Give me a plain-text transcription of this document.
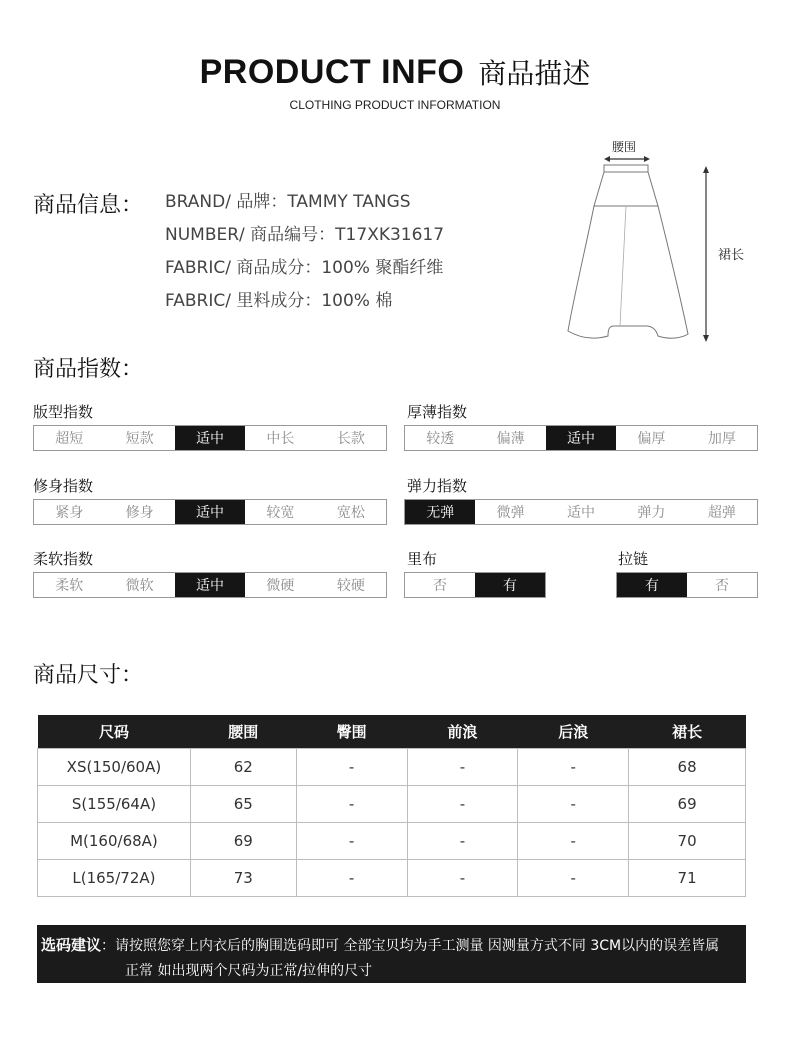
PRODUCT INFO 商品描述
CLOTHING PRODUCT INFORMATION
商品信息： BRAND/ 品牌：TAMMY TANGS
NUMBER/ 商品编号：T17XK31617
FABRIC/ 商品成分：100% 聚酯纤维
FABRIC/ 里料成分：100% 棉
腰围
裙长
商品指数：
版型指数
超短	短款	适中	中长	长款
厚薄指数
较透	偏薄	适中	偏厚	加厚
修身指数
紧身	修身	适中	较宽	宽松
弹力指数
无弹	微弹	适中	弹力	超弹
柔软指数
柔软	微软	适中	微硬	较硬
里布
否	有
拉链
有	否
商品尺寸：
尺码	腰围	臀围	前浪	后浪	裙长
XS(150/60A)	62	-	-	-	68
S(155/64A)	65	-	-	-	69
M(160/68A)	69	-	-	-	70
L(165/72A)	73	-	-	-	71
选码建议：请按照您穿上内衣后的胸围选码即可 全部宝贝均为手工测量 因测量方式不同 3CM以内的误差皆属
正常 如出现两个尺码为正常/拉伸的尺寸
